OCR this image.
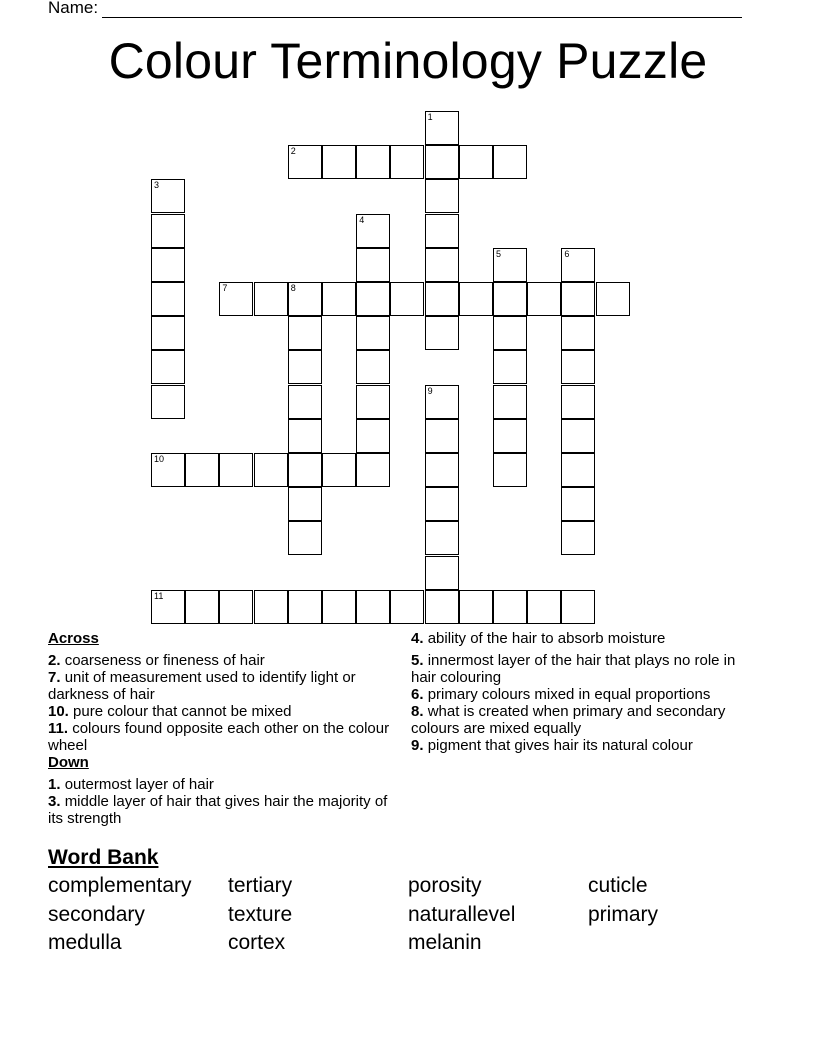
Name:
Colour Terminology Puzzle
1
2
3
4
5	6
7	8
9
10
11
Across
2. coarseness or fineness of hair
7. unit of measurement used to identify light or darkness of hair
10. pure colour that cannot be mixed
11. colours found opposite each other on the colour wheel
Down
1. outermost layer of hair
3. middle layer of hair that gives hair the majority of its strength
4. ability of the hair to absorb moisture
5. innermost layer of the hair that plays no role in hair colouring
6. primary colours mixed in equal proportions
8. what is created when primary and secondary colours are mixed equally
9. pigment that gives hair its natural colour
Word Bank
complementary tertiary	porosity	cuticle
secondary	texture	naturallevel	primary
medulla	cortex	melanin
